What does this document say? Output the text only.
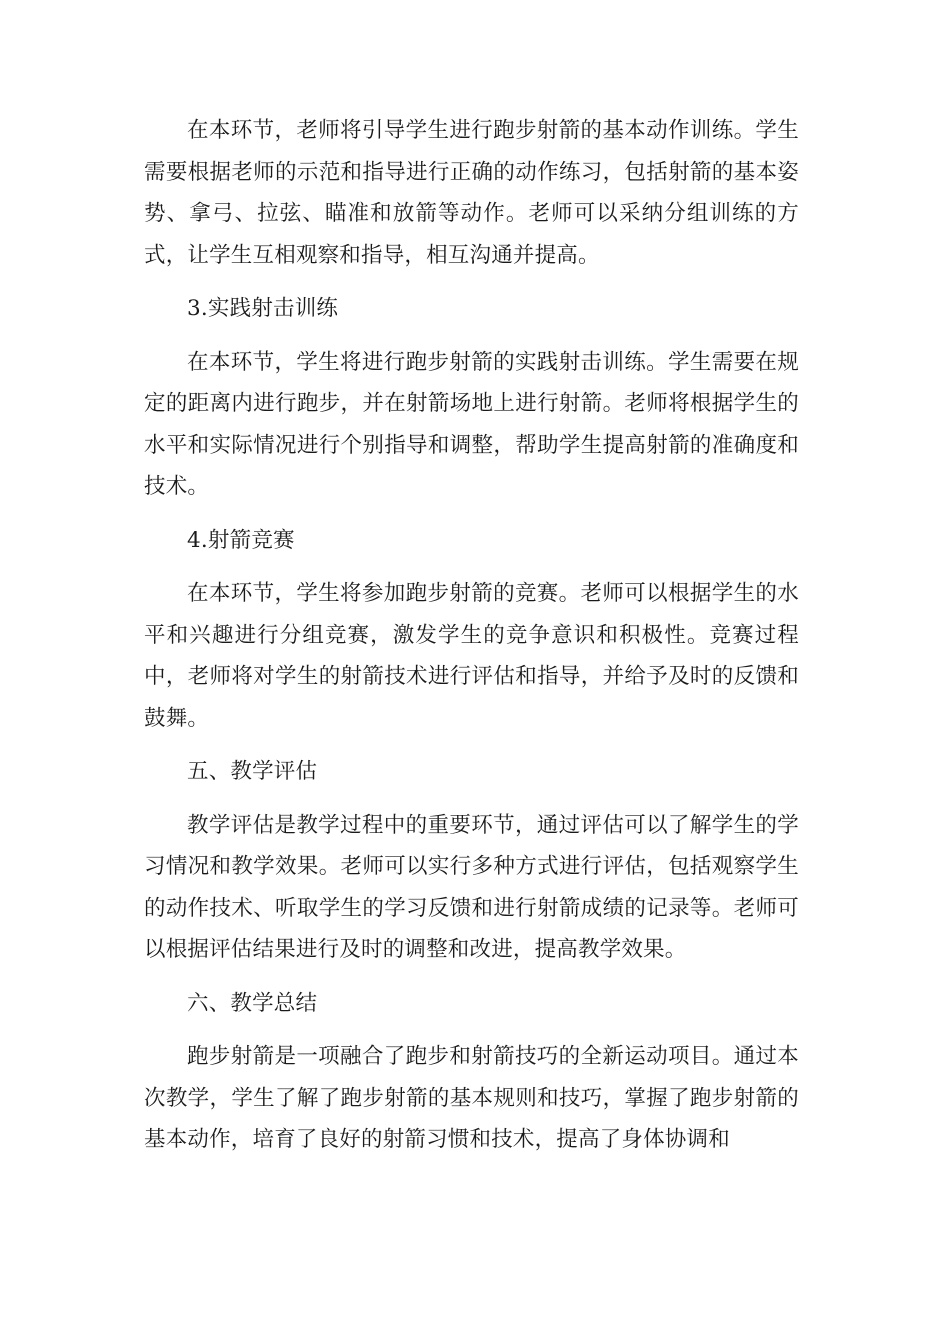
在本环节，老师将引导学生进行跑步射箭的基本动作训练。学生需要根据老师的示范和指导进行正确的动作练习，包括射箭的基本姿势、拿弓、拉弦、瞄准和放箭等动作。老师可以采纳分组训练的方式，让学生互相观察和指导，相互沟通并提高。

3.实践射击训练

在本环节，学生将进行跑步射箭的实践射击训练。学生需要在规定的距离内进行跑步，并在射箭场地上进行射箭。老师将根据学生的水平和实际情况进行个别指导和调整，帮助学生提高射箭的准确度和技术。

4.射箭竞赛

在本环节，学生将参加跑步射箭的竞赛。老师可以根据学生的水平和兴趣进行分组竞赛，激发学生的竞争意识和积极性。竞赛过程中，老师将对学生的射箭技术进行评估和指导，并给予及时的反馈和鼓舞。

五、教学评估

教学评估是教学过程中的重要环节，通过评估可以了解学生的学习情况和教学效果。老师可以实行多种方式进行评估，包括观察学生的动作技术、听取学生的学习反馈和进行射箭成绩的记录等。老师可以根据评估结果进行及时的调整和改进，提高教学效果。

六、教学总结

跑步射箭是一项融合了跑步和射箭技巧的全新运动项目。通过本次教学，学生了解了跑步射箭的基本规则和技巧，掌握了跑步射箭的基本动作，培育了良好的射箭习惯和技术，提高了身体协调和
